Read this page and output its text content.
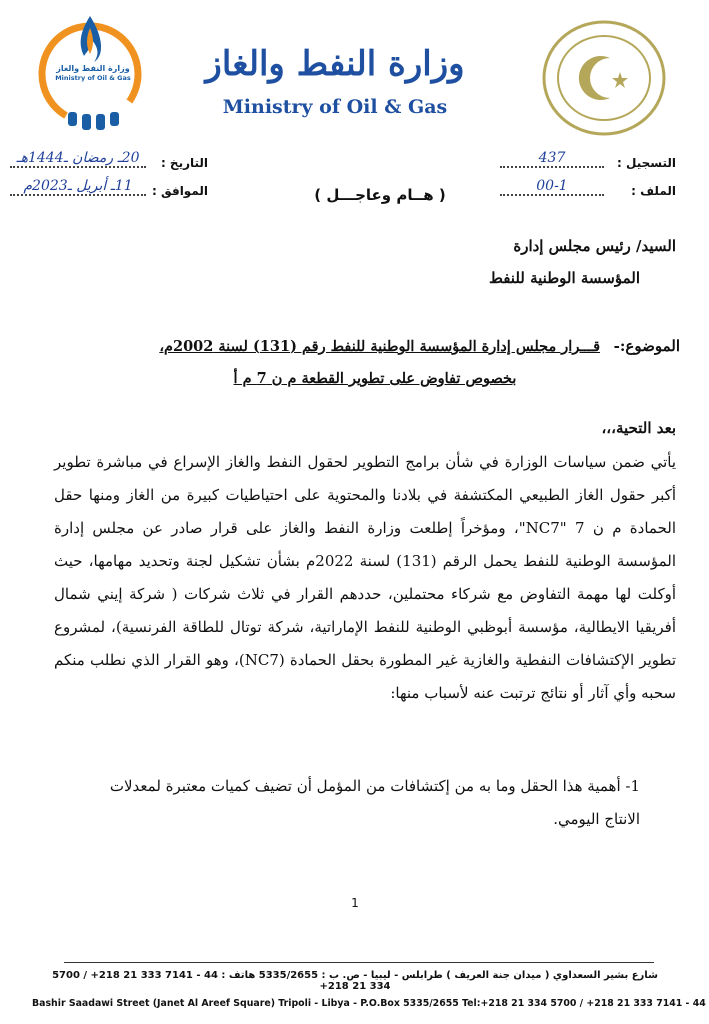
وزارة النفط والغاز
Ministry of Oil & Gas وزارة النفط والغاز
Ministry of Oil & Gas
التاريخ :
20ـ رمضان ـ1444هـ
الموافق :
11ـ أبريل ـ2023م
التسجيل :
437
الملف :
00-1
( هــام وعاجـــل )
السيد/ رئيس مجلس إدارة
المؤسسة الوطنية للنفط
الموضوع:-
قـــرار مجلس إدارة المؤسسة الوطنية للنفط رقم (131) لسنة 2002م،
بخصوص تفاوض على تطوير القطعة م ن 7 م أ
بعد التحية،،،
يأتي ضمن سياسات الوزارة في شأن برامج التطوير لحقول النفط والغاز الإسراع في مباشرة تطوير أكبر حقول الغاز الطبيعي المكتشفة في بلادنا والمحتوية على احتياطيات كبيرة من الغاز ومنها حقل الحمادة م ن 7 "NC7"، ومؤخراً إطلعت وزارة النفط والغاز على قرار صادر عن مجلس إدارة المؤسسة الوطنية للنفط يحمل الرقم (131) لسنة 2022م بشأن تشكيل لجنة وتحديد مهامها، حيث أوكلت لها مهمة التفاوض مع شركاء محتملين، حددهم القرار في ثلاث شركات ( شركة إيني شمال أفريقيا الايطالية، مؤسسة أبوظبي الوطنية للنفط الإماراتية، شركة توتال للطاقة الفرنسية)، لمشروع تطوير الإكتشافات النفطية والغازية غير المطورة بحقل الحمادة (NC7)، وهو القرار الذي نطلب منكم سحبه وأي آثار أو نتائج ترتبت عنه لأسباب منها:
1- أهمية هذا الحقل وما به من إكتشافات من المؤمل أن تضيف كميات معتبرة لمعدلات الانتاج اليومي.
1
شارع بشير السعداوي ( ميدان جنة العريف ) طرابلس - ليبيا - ص. ب : 5335/2655 هاتف : 44 - 7141 333 21 218+ / 5700 334 21 218+
Bashir Saadawi Street (Janet Al Areef Square) Tripoli - Libya - P.O.Box 5335/2655 Tel:+218 21 334 5700 / +218 21 333 7141 - 44
